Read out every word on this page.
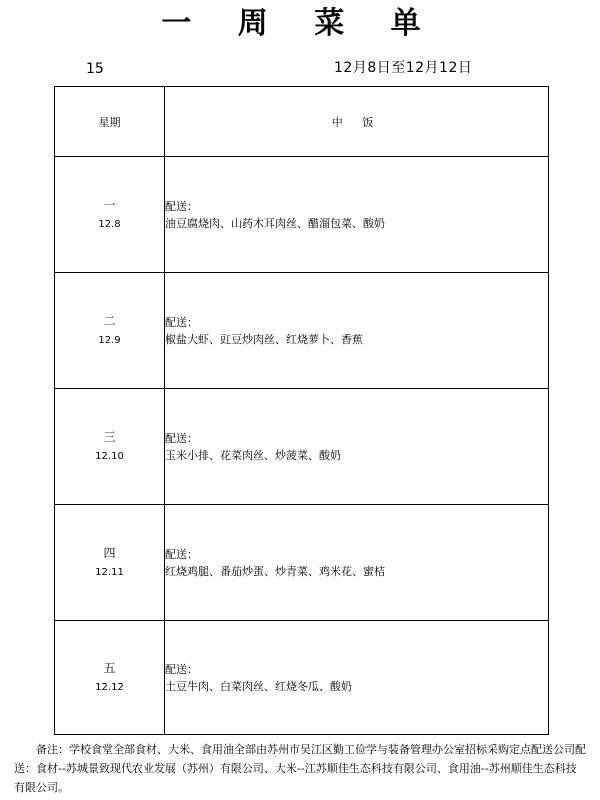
一 周 菜 单
15	12月8日至12月12日
星期	中 饭

一
12.8	配送：
油豆腐烧肉、山药木耳肉丝、醋溜包菜、酸奶

二
12.9	配送：
椒盐大虾、豇豆炒肉丝、红烧萝卜、香蕉

三
12.10	配送：
玉米小排、花菜肉丝、炒菠菜、酸奶

四
12.11	配送：
红烧鸡腿、番茄炒蛋、炒青菜、鸡米花、蜜桔

五
12.12	配送：
土豆牛肉、白菜肉丝、红烧冬瓜、酸奶
备注：学校食堂全部食材、大米、食用油全部由苏州市吴江区勤工俭学与装备管理办公室招标采购定点配送公司配送：食材--苏城景致现代农业发展（苏州）有限公司、大米--江苏顺佳生态科技有限公司、食用油--苏州顺佳生态科技有限公司。
